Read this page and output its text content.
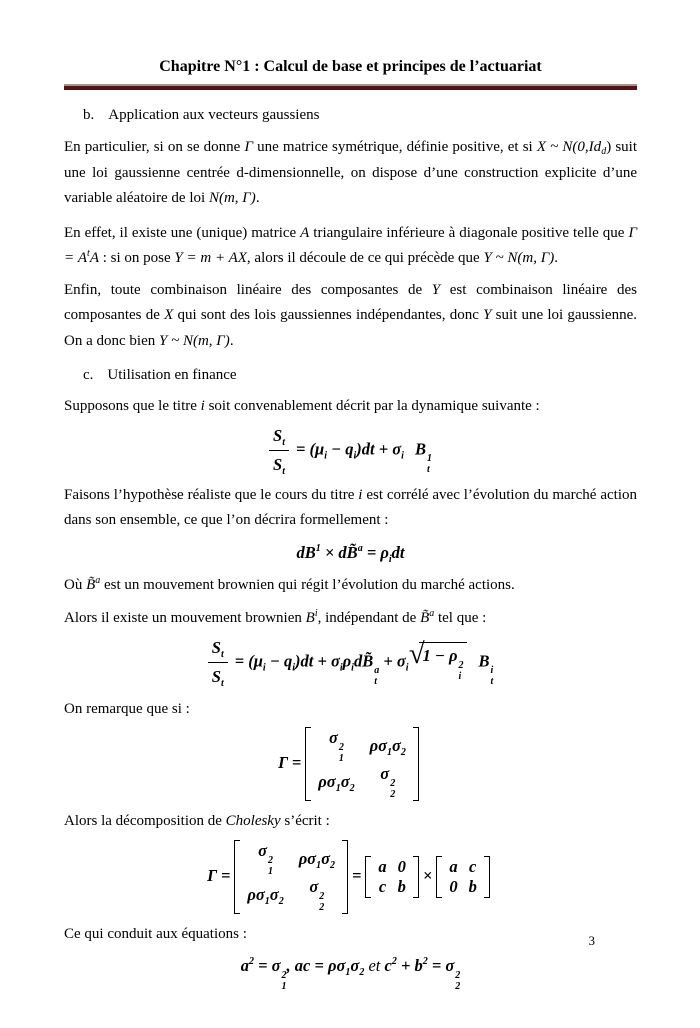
Chapitre N°1 : Calcul de base et principes de l’actuariat
b. Application aux vecteurs gaussiens

En particulier, si on se donne Γ une matrice symétrique, définie positive, et si X ~ $N(0,Id_d)$ suit une loi gaussienne centrée d-dimensionnelle, on dispose d’une construction explicite d’une variable aléatoire de loi N(m, Γ).

En effet, il existe une (unique) matrice A triangulaire inférieure à diagonale positive telle que $\Gamma = A^tA$ : si on pose Y = m + AX, alors il découle de ce qui précède que Y ~ N(m, Γ).

Enfin, toute combinaison linéaire des composantes de Y est combinaison linéaire des composantes de X qui sont des lois gaussiennes indépendantes, donc Y suit une loi gaussienne. On a donc bien Y ~ N(m, Γ).

c. Utilisation en finance

Supposons que le titre i soit convenablement décrit par la dynamique suivante :

$\frac{S_t}{S_t} = (\mu_i - q_i)dt + \sigma_i$ B
1
t

Faisons l’hypothèse réaliste que le cours du titre i est corrélé avec l’évolution du marché action dans son ensemble, ce que l’on décrira formellement :

$dB^1$ × dB̃$^a$ = $\rho_idt$

Où B̃$^a$ est un mouvement brownien qui régit l’évolution du marché actions.

Alors il existe un mouvement brownien $B^i$, indépendant de B̃$^a$ tel que :

$\frac{S_t}{S_t} = (\mu_i - q_i)dt$ + $\sigma_i\rho_idB̃$
a
t
+ $\sigma_i$ √
1 − ρ
2
i
B
i
t

On remarque que si :

Γ =
σ
2
1
$\rho\sigma_1\sigma_2$
$\rho\sigma_1\sigma_2$
σ
2
2

Alors la décomposition de Cholesky s’écrit :

Γ =
σ
2
1
$\rho\sigma_1\sigma_2$
$\rho\sigma_1\sigma_2$
σ
2
2
= a 0
c b
× a c
0 b

Ce qui conduit aux équations :

$a^2 = \sigma$
2
1
, ac = $\rho\sigma_1\sigma_2$ et $c^2 + b^2 = \sigma$
2
2
3
